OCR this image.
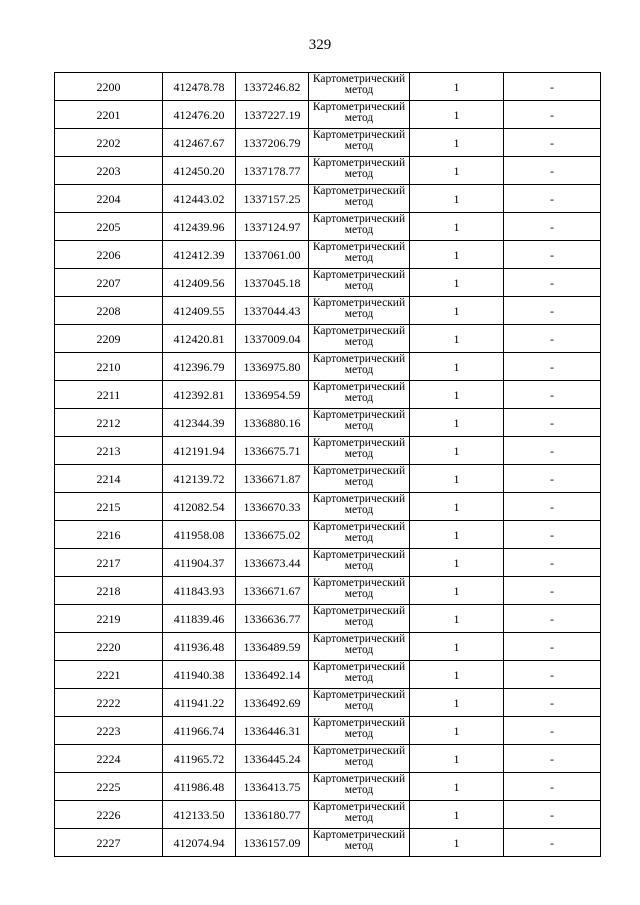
329
2200	412478.78	1337246.82	Картометрический метод	1	-
2201	412476.20	1337227.19	Картометрический метод	1	-
2202	412467.67	1337206.79	Картометрический метод	1	-
2203	412450.20	1337178.77	Картометрический метод	1	-
2204	412443.02	1337157.25	Картометрический метод	1	-
2205	412439.96	1337124.97	Картометрический метод	1	-
2206	412412.39	1337061.00	Картометрический метод	1	-
2207	412409.56	1337045.18	Картометрический метод	1	-
2208	412409.55	1337044.43	Картометрический метод	1	-
2209	412420.81	1337009.04	Картометрический метод	1	-
2210	412396.79	1336975.80	Картометрический метод	1	-
2211	412392.81	1336954.59	Картометрический метод	1	-
2212	412344.39	1336880.16	Картометрический метод	1	-
2213	412191.94	1336675.71	Картометрический метод	1	-
2214	412139.72	1336671.87	Картометрический метод	1	-
2215	412082.54	1336670.33	Картометрический метод	1	-
2216	411958.08	1336675.02	Картометрический метод	1	-
2217	411904.37	1336673.44	Картометрический метод	1	-
2218	411843.93	1336671.67	Картометрический метод	1	-
2219	411839.46	1336636.77	Картометрический метод	1	-
2220	411936.48	1336489.59	Картометрический метод	1	-
2221	411940.38	1336492.14	Картометрический метод	1	-
2222	411941.22	1336492.69	Картометрический метод	1	-
2223	411966.74	1336446.31	Картометрический метод	1	-
2224	411965.72	1336445.24	Картометрический метод	1	-
2225	411986.48	1336413.75	Картометрический метод	1	-
2226	412133.50	1336180.77	Картометрический метод	1	-
2227	412074.94	1336157.09	Картометрический метод	1	-
